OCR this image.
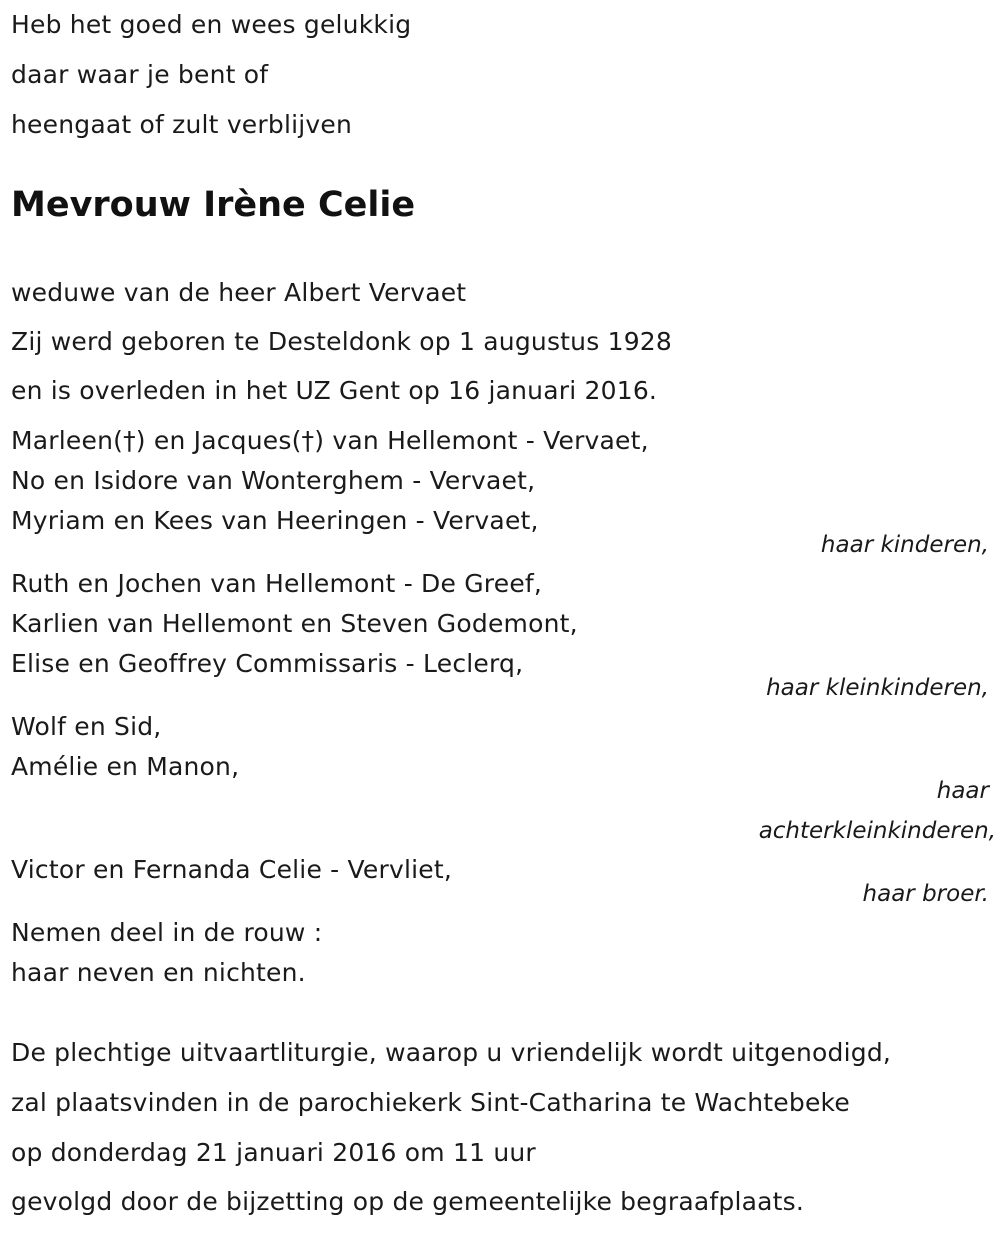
Heb het goed en wees gelukkig
daar waar je bent of
heengaat of zult verblijven
Mevrouw Irène Celie
weduwe van de heer Albert Vervaet
Zij werd geboren te Desteldonk op 1 augustus 1928
en is overleden in het UZ Gent op 16 januari 2016.
Marleen(†) en Jacques(†) van Hellemont - Vervaet,
No en Isidore van Wonterghem - Vervaet,
Myriam en Kees van Heeringen - Vervaet,
haar kinderen,
Ruth en Jochen van Hellemont - De Greef,
Karlien van Hellemont en Steven Godemont,
Elise en Geoffrey Commissaris - Leclerq,
haar kleinkinderen,
Wolf en Sid,
Amélie en Manon,
haar
achterkleinkinderen,
Victor en Fernanda Celie - Vervliet,
haar broer.
Nemen deel in de rouw :
haar neven en nichten.
De plechtige uitvaartliturgie, waarop u vriendelijk wordt uitgenodigd,
zal plaatsvinden in de parochiekerk Sint-Catharina te Wachtebeke
op donderdag 21 januari 2016 om 11 uur
gevolgd door de bijzetting op de gemeentelijke begraafplaats.
